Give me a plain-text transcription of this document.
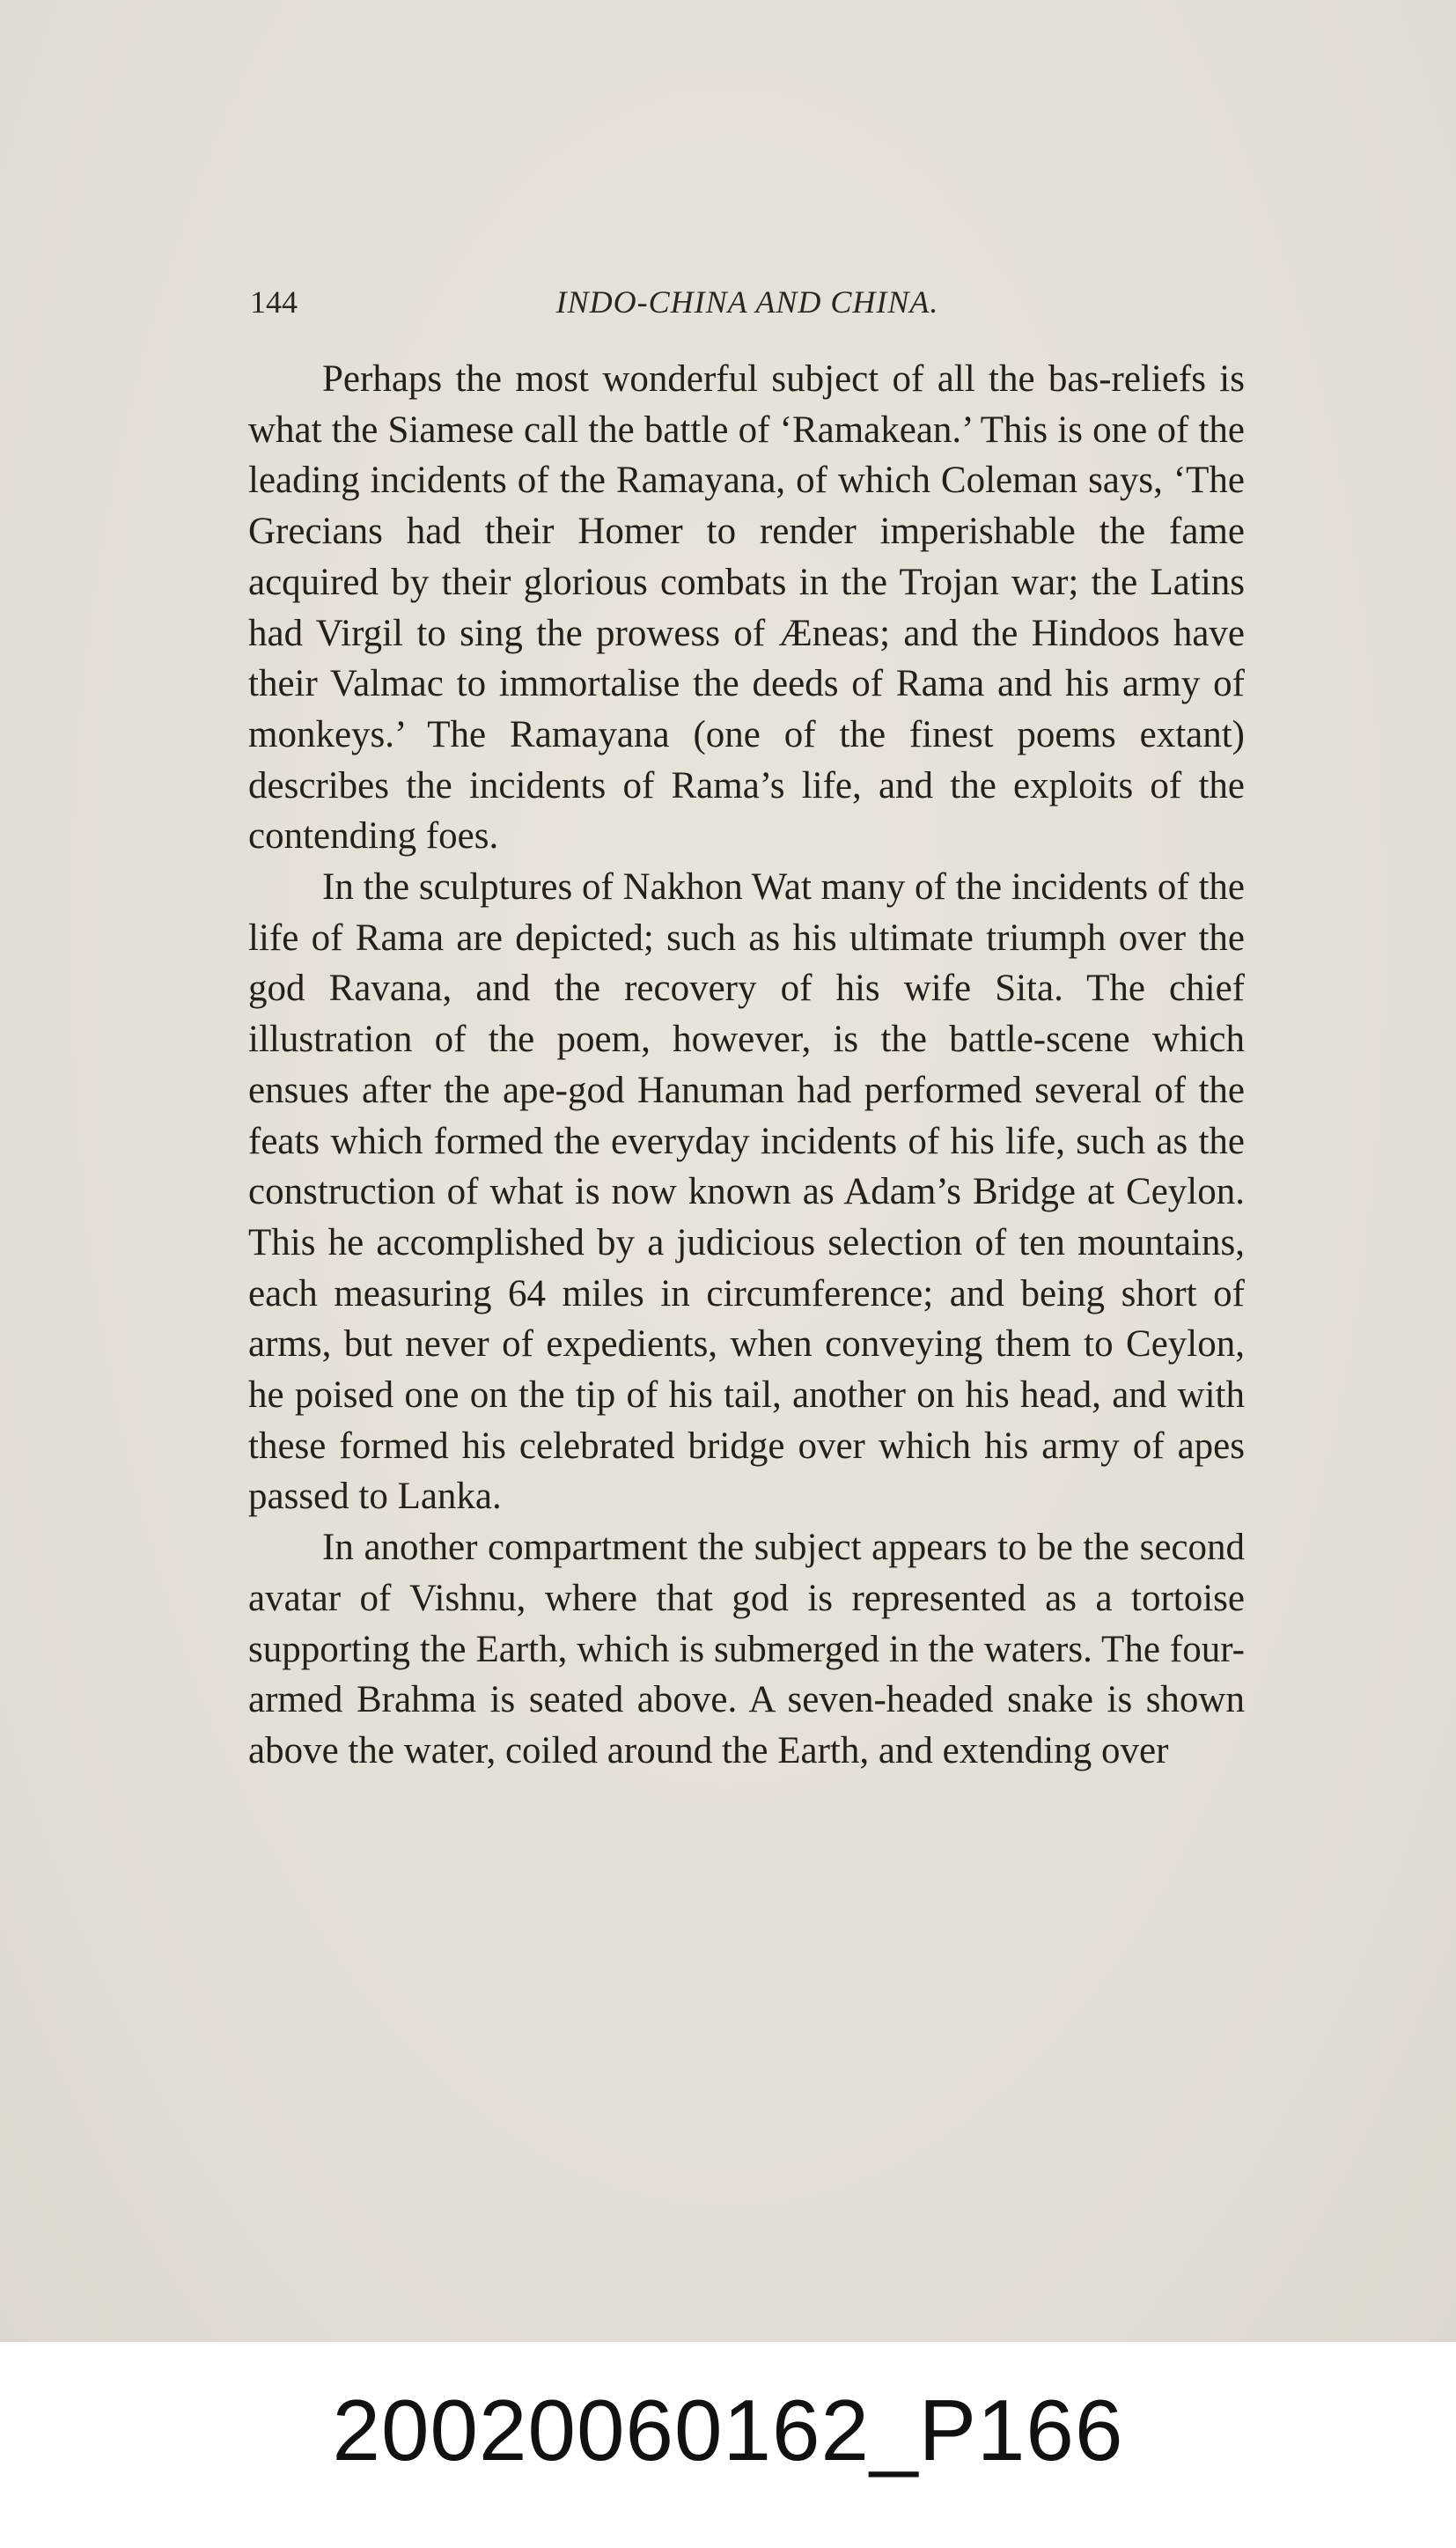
144	INDO-CHINA AND CHINA.

Perhaps the most wonderful subject of all the bas-reliefs is what the Siamese call the battle of ‘Ramakean.’ This is one of the leading incidents of the Ramayana, of which Coleman says, ‘The Grecians had their Homer to render imperishable the fame acquired by their glorious combats in the Trojan war; the Latins had Virgil to sing the prowess of Æneas; and the Hindoos have their Valmac to immortalise the deeds of Rama and his army of monkeys.’ The Ramayana (one of the finest poems extant) describes the incidents of Rama’s life, and the exploits of the contending foes.

In the sculptures of Nakhon Wat many of the incidents of the life of Rama are depicted; such as his ultimate triumph over the god Ravana, and the recovery of his wife Sita. The chief illustration of the poem, however, is the battle-scene which ensues after the ape-god Hanuman had performed several of the feats which formed the everyday incidents of his life, such as the construction of what is now known as Adam’s Bridge at Ceylon. This he accomplished by a judicious selection of ten mountains, each measuring 64 miles in circumference; and being short of arms, but never of expedients, when conveying them to Ceylon, he poised one on the tip of his tail, another on his head, and with these formed his celebrated bridge over which his army of apes passed to Lanka.

In another compartment the subject appears to be the second avatar of Vishnu, where that god is represented as a tortoise supporting the Earth, which is submerged in the waters. The four-armed Brahma is seated above. A seven-headed snake is shown above the water, coiled around the Earth, and extending over

20020060162_P166
